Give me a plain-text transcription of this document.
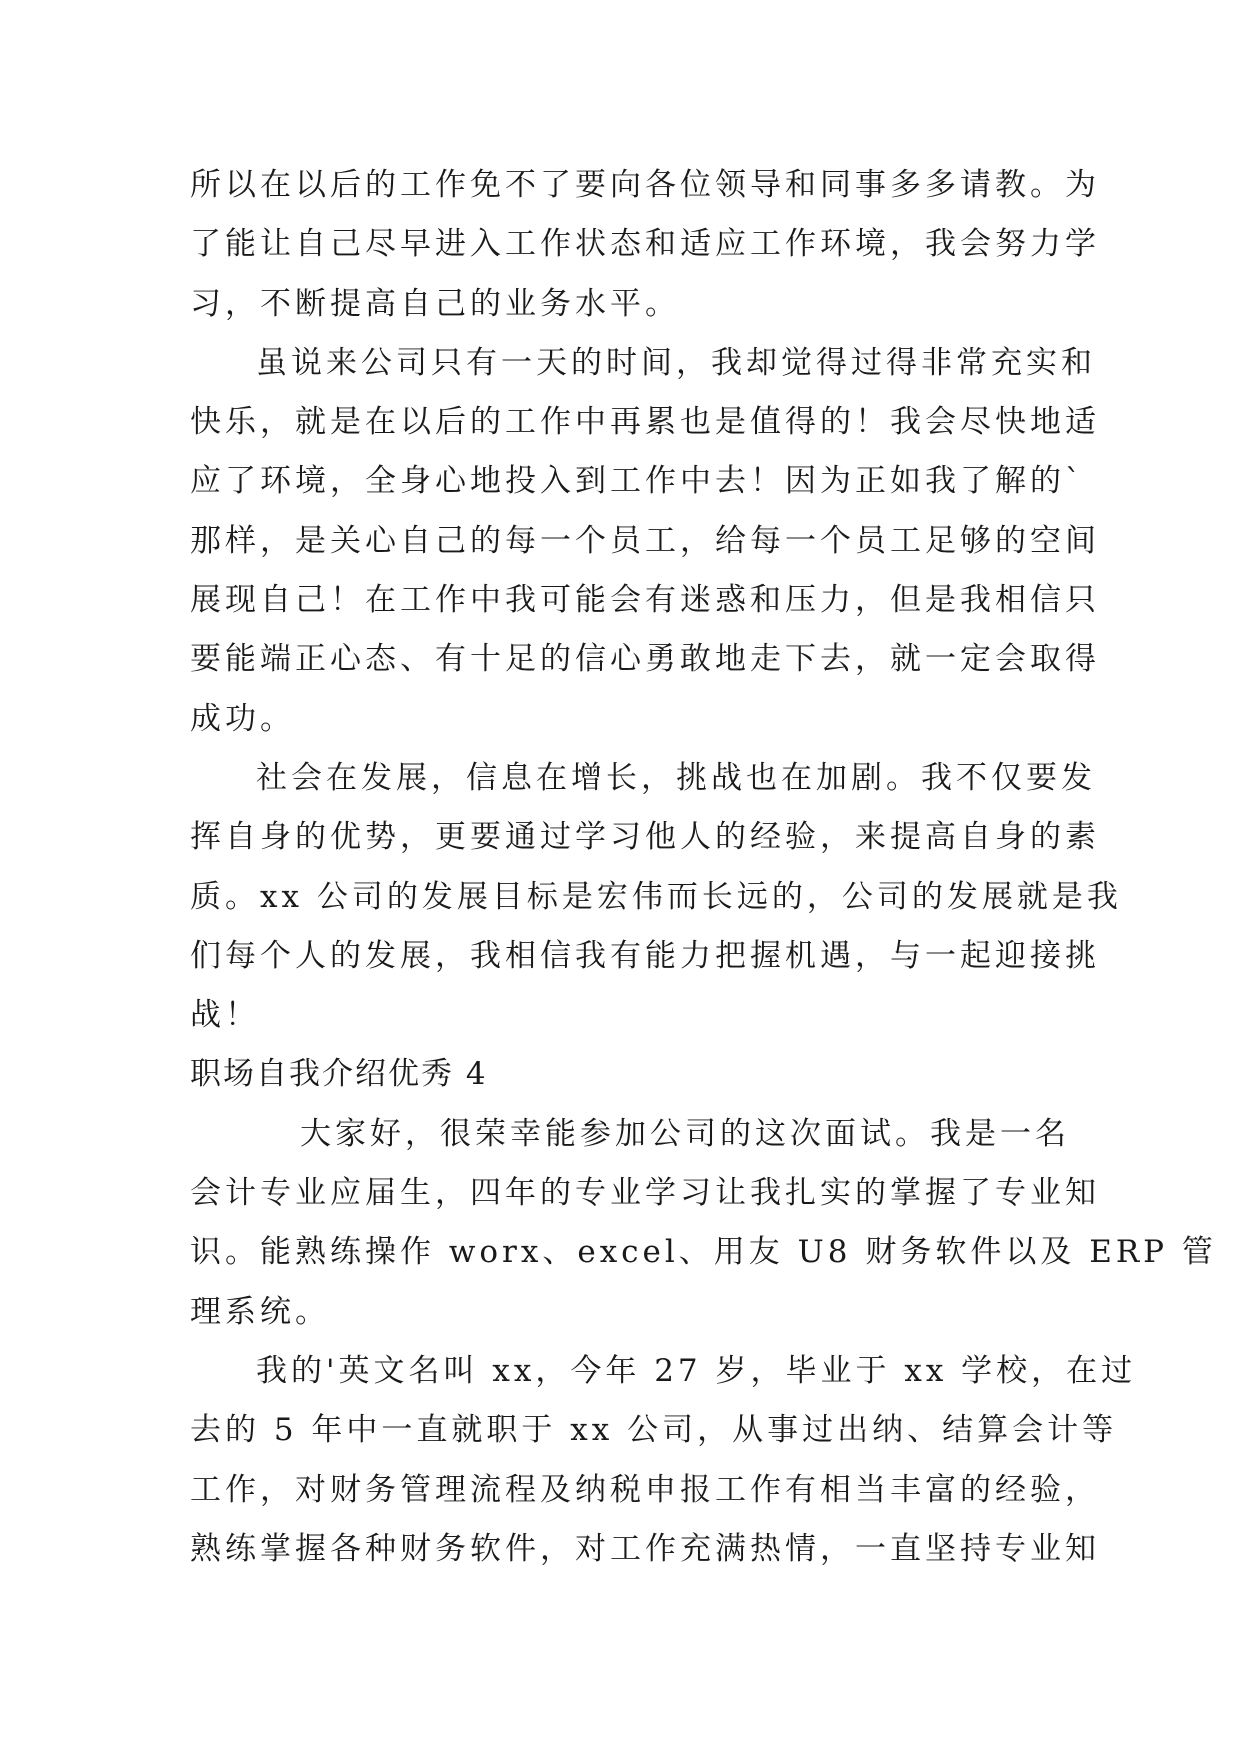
所以在以后的工作免不了要向各位领导和同事多多请教。为
了能让自己尽早进入工作状态和适应工作环境，我会努力学
习，不断提高自己的业务水平。
虽说来公司只有一天的时间，我却觉得过得非常充实和
快乐，就是在以后的工作中再累也是值得的！我会尽快地适
应了环境，全身心地投入到工作中去！因为正如我了解的`
那样，是关心自己的每一个员工，给每一个员工足够的空间
展现自己！在工作中我可能会有迷惑和压力，但是我相信只
要能端正心态、有十足的信心勇敢地走下去，就一定会取得
成功。
社会在发展，信息在增长，挑战也在加剧。我不仅要发
挥自身的优势，更要通过学习他人的经验，来提高自身的素
质。xx 公司的发展目标是宏伟而长远的，公司的发展就是我
们每个人的发展，我相信我有能力把握机遇，与一起迎接挑
战！
职场自我介绍优秀 4
大家好，很荣幸能参加公司的这次面试。我是一名
会计专业应届生，四年的专业学习让我扎实的掌握了专业知
识。能熟练操作 worx、excel、用友 U8 财务软件以及 ERP 管
理系统。
我的'英文名叫 xx，今年 27 岁，毕业于 xx 学校，在过
去的 5 年中一直就职于 xx 公司，从事过出纳、结算会计等
工作，对财务管理流程及纳税申报工作有相当丰富的经验，
熟练掌握各种财务软件，对工作充满热情，一直坚持专业知
